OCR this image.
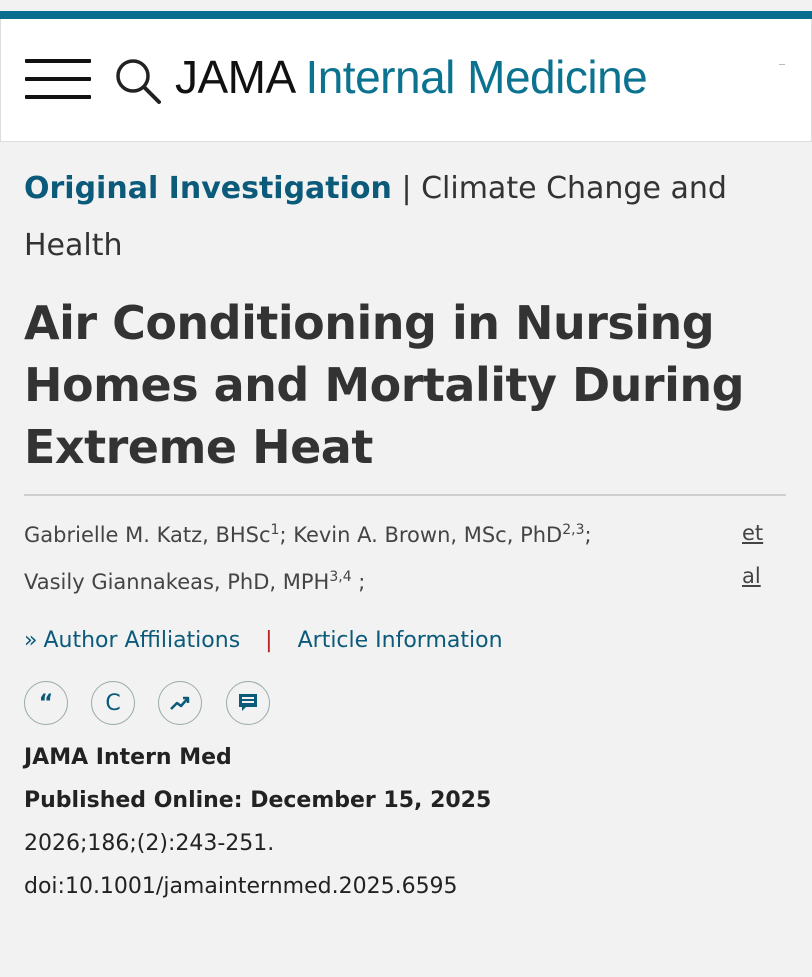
JAMA Internal Medicine

Original Investigation | Climate Change and Health

Air Conditioning in Nursing Homes and Mortality During Extreme Heat
Gabrielle M. Katz, BHSc$^1$; Kevin A. Brown, MSc, PhD$^{2,3}$;
Vasily Giannakeas, PhD, MPH$^{3,4}$ ;
et al
» Author Affiliations | Article Information
“ C
JAMA Intern Med
Published Online: December 15, 2025
2026;186;(2):243-251.
doi:10.1001/jamainternmed.2025.6595
